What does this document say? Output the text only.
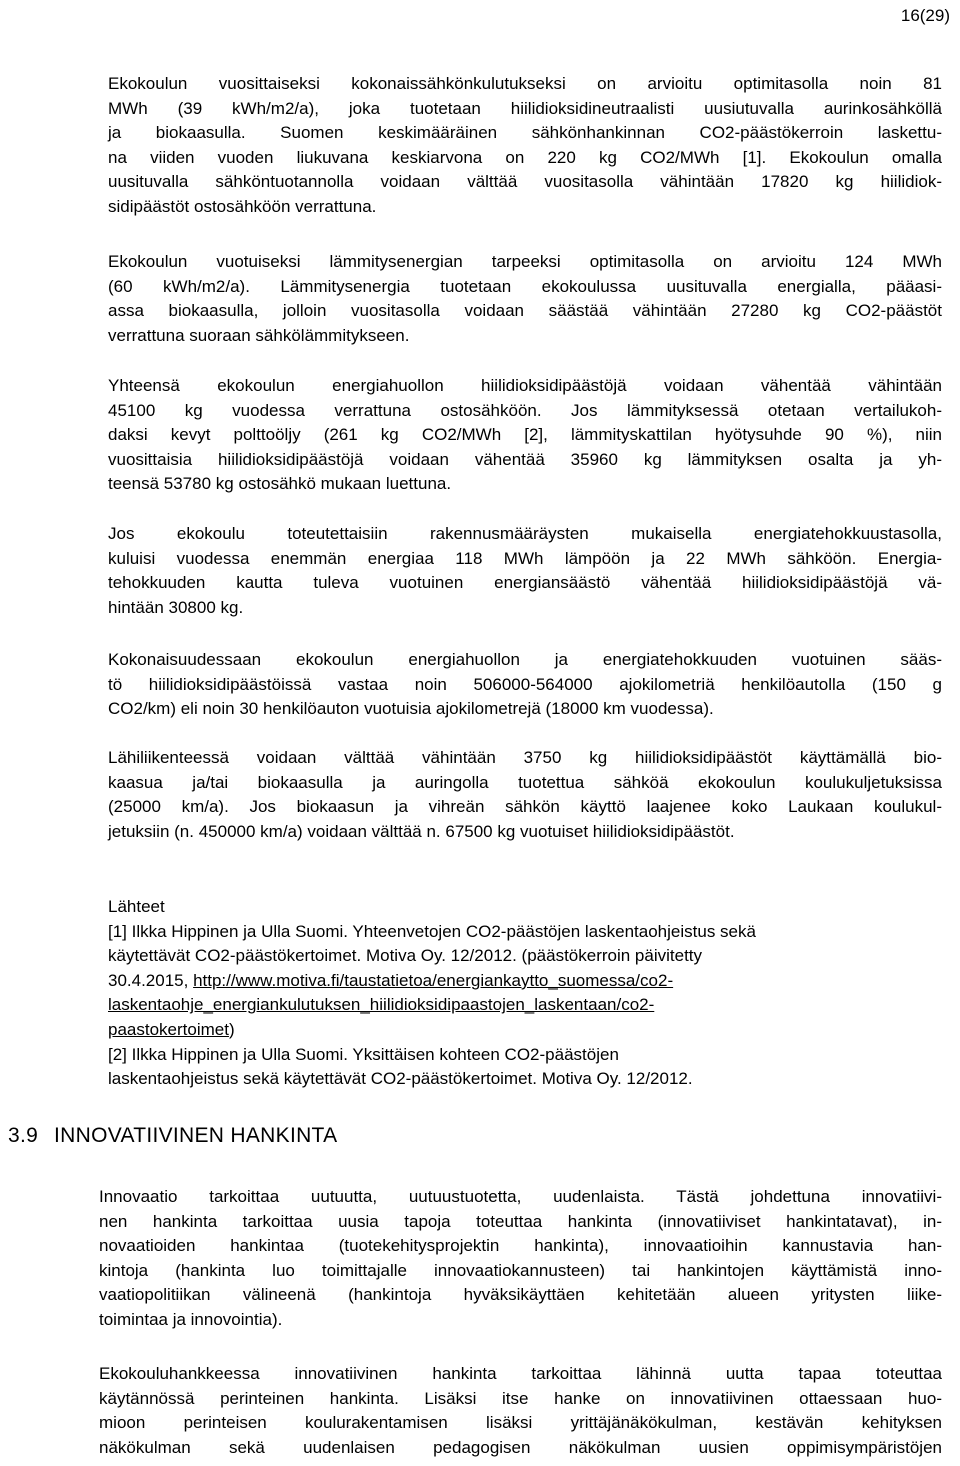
16(29)
Ekokoulun vuosittaiseksi kokonaissähkönkulutukseksi on arvioitu optimitasolla noin 81
MWh (39 kWh/m2/a), joka tuotetaan hiilidioksidineutraalisti uusiutuvalla aurinkosähköllä
ja biokaasulla. Suomen keskimääräinen sähkönhankinnan CO2-päästökerroin laskettu-
na viiden vuoden liukuvana keskiarvona on 220 kg CO2/MWh [1]. Ekokoulun omalla
uusituvalla sähköntuotannolla voidaan välttää vuositasolla vähintään 17820 kg hiilidiok-
sidipäästöt ostosähköön verrattuna.
Ekokoulun vuotuiseksi lämmitysenergian tarpeeksi optimitasolla on arvioitu 124 MWh
(60 kWh/m2/a). Lämmitysenergia tuotetaan ekokoulussa uusituvalla energialla, pääasi-
assa biokaasulla, jolloin vuositasolla voidaan säästää vähintään 27280 kg CO2-päästöt
verrattuna suoraan sähkölämmitykseen.
Yhteensä ekokoulun energiahuollon hiilidioksidipäästöjä voidaan vähentää vähintään
45100 kg vuodessa verrattuna ostosähköön. Jos lämmityksessä otetaan vertailukoh-
daksi kevyt polttoöljy (261 kg CO2/MWh [2], lämmityskattilan hyötysuhde 90 %), niin
vuosittaisia hiilidioksidipäästöjä voidaan vähentää 35960 kg lämmityksen osalta ja yh-
teensä 53780 kg ostosähkö mukaan luettuna.
Jos ekokoulu toteutettaisiin rakennusmääräysten mukaisella energiatehokkuustasolla,
kuluisi vuodessa enemmän energiaa 118 MWh lämpöön ja 22 MWh sähköön. Energia-
tehokkuuden kautta tuleva vuotuinen energiansäästö vähentää hiilidioksidipäästöjä vä-
hintään 30800 kg.
Kokonaisuudessaan ekokoulun energiahuollon ja energiatehokkuuden vuotuinen sääs-
tö hiilidioksidipäästöissä vastaa noin 506000-564000 ajokilometriä henkilöautolla (150 g
CO2/km) eli noin 30 henkilöauton vuotuisia ajokilometrejä (18000 km vuodessa).
Lähiliikenteessä voidaan välttää vähintään 3750 kg hiilidioksidipäästöt käyttämällä bio-
kaasua ja/tai biokaasulla ja auringolla tuotettua sähköä ekokoulun koulukuljetuksissa
(25000 km/a). Jos biokaasun ja vihreän sähkön käyttö laajenee koko Laukaan koulukul-
jetuksiin (n. 450000 km/a) voidaan välttää n. 67500 kg vuotuiset hiilidioksidipäästöt.
Lähteet
[1] Ilkka Hippinen ja Ulla Suomi. Yhteenvetojen CO2-päästöjen laskentaohjeistus sekä
käytettävät CO2-päästökertoimet. Motiva Oy. 12/2012. (päästökerroin päivitetty
30.4.2015, http://www.motiva.fi/taustatietoa/energiankaytto_suomessa/co2-
laskentaohje_energiankulutuksen_hiilidioksidipaastojen_laskentaan/co2-
paastokertoimet)
[2] Ilkka Hippinen ja Ulla Suomi. Yksittäisen kohteen CO2-päästöjen
laskentaohjeistus sekä käytettävät CO2-päästökertoimet. Motiva Oy. 12/2012.
3.9 INNOVATIIVINEN HANKINTA
Innovaatio tarkoittaa uutuutta, uutuustuotetta, uudenlaista. Tästä johdettuna innovatiivi-
nen hankinta tarkoittaa uusia tapoja toteuttaa hankinta (innovatiiviset hankintatavat), in-
novaatioiden hankintaa (tuotekehitysprojektin hankinta), innovaatioihin kannustavia han-
kintoja (hankinta luo toimittajalle innovaatiokannusteen) tai hankintojen käyttämistä inno-
vaatiopolitiikan välineenä (hankintoja hyväksikäyttäen kehitetään alueen yritysten liike-
toimintaa ja innovointia).
Ekokouluhankkeessa innovatiivinen hankinta tarkoittaa lähinnä uutta tapaa toteuttaa
käytännössä perinteinen hankinta. Lisäksi itse hanke on innovatiivinen ottaessaan huo-
mioon perinteisen koulurakentamisen lisäksi yrittäjänäkökulman, kestävän kehityksen
näkökulman sekä uudenlaisen pedagogisen näkökulman uusien oppimisympäristöjen
